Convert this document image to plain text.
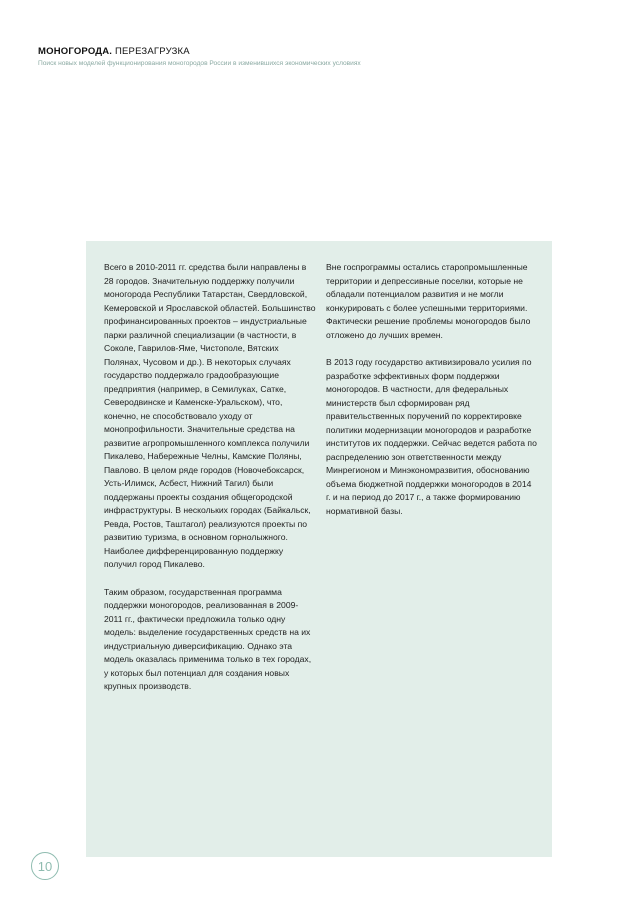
МОНОГОРОДА. ПЕРЕЗАГРУЗКА
Поиск новых моделей функционирования моногородов России в изменившихся экономических условиях

Всего в 2010-2011 гг. средства были направлены в 28 городов. Значительную поддержку получили моногорода Республики Татарстан, Свердловской, Кемеровской и Ярославской областей. Большинство профинансированных проектов – индустриальные парки различной специализации (в частности, в Соколе, Гаврилов-Яме, Чистополе, Вятских Полянах, Чусовом и др.). В некоторых случаях государство поддержало градообразующие предприятия (например, в Семилуках, Сатке, Северодвинске и Каменске-Уральском), что, конечно, не способствовало уходу от монопрофильности. Значительные средства на развитие агропромышленного комплекса получили Пикалево, Набережные Челны, Камские Поляны, Павлово. В целом ряде городов (Новочебоксарск, Усть-Илимск, Асбест, Нижний Тагил) были поддержаны проекты создания общегородской инфраструктуры. В нескольких городах (Байкальск, Ревда, Ростов, Таштагол) реализуются проекты по развитию туризма, в основном горнолыжного. Наиболее дифференцированную поддержку получил город Пикалево.

Таким образом, государственная программа поддержки моногородов, реализованная в 2009-2011 гг., фактически предложила только одну модель: выделение государственных средств на их индустриальную диверсификацию. Однако эта модель оказалась применима только в тех городах, у которых был потенциал для создания новых крупных производств.

Вне госпрограммы остались старопромышленные территории и депрессивные поселки, которые не обладали потенциалом развития и не могли конкурировать с более успешными территориями. Фактически решение проблемы моногородов было отложено до лучших времен.

В 2013 году государство активизировало усилия по разработке эффективных форм поддержки моногородов. В частности, для федеральных министерств был сформирован ряд правительственных поручений по корректировке политики модернизации моногородов и разработке институтов их поддержки. Сейчас ведется работа по распределению зон ответственности между Минрегионом и Минэкономразвития, обоснованию объема бюджетной поддержки моногородов в 2014 г. и на период до 2017 г., а также формированию нормативной базы.

10
